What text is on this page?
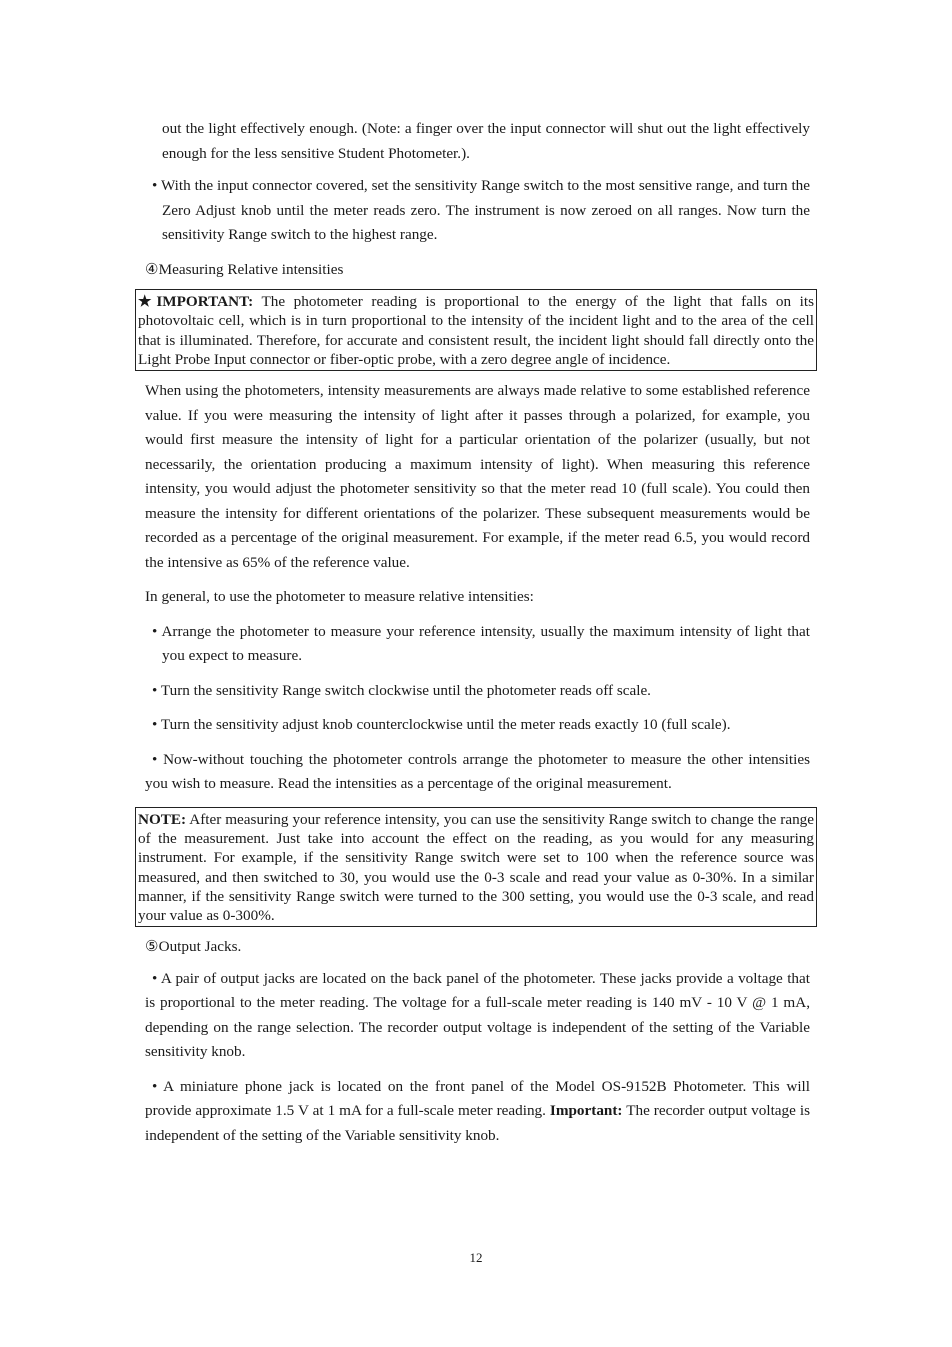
out the light effectively enough. (Note: a finger over the input connector will shut out the light effectively enough for the less sensitive Student Photometer.).

• With the input connector covered, set the sensitivity Range switch to the most sensitive range, and turn the Zero Adjust knob until the meter reads zero. The instrument is now zeroed on all ranges. Now turn the sensitivity Range switch to the highest range.

④Measuring Relative intensities

★IMPORTANT: The photometer reading is proportional to the energy of the light that falls on its photovoltaic cell, which is in turn proportional to the intensity of the incident light and to the area of the cell that is illuminated. Therefore, for accurate and consistent result, the incident light should fall directly onto the Light Probe Input connector or fiber-optic probe, with a zero degree angle of incidence.

When using the photometers, intensity measurements are always made relative to some established reference value. If you were measuring the intensity of light after it passes through a polarized, for example, you would first measure the intensity of light for a particular orientation of the polarizer (usually, but not necessarily, the orientation producing a maximum intensity of light). When measuring this reference intensity, you would adjust the photometer sensitivity so that the meter read 10 (full scale). You could then measure the intensity for different orientations of the polarizer. These subsequent measurements would be recorded as a percentage of the original measurement. For example, if the meter read 6.5, you would record the intensive as 65% of the reference value.

In general, to use the photometer to measure relative intensities:

• Arrange the photometer to measure your reference intensity, usually the maximum intensity of light that you expect to measure.

• Turn the sensitivity Range switch clockwise until the photometer reads off scale.

• Turn the sensitivity adjust knob counterclockwise until the meter reads exactly 10 (full scale).

• Now-without touching the photometer controls arrange the photometer to measure the other intensities you wish to measure. Read the intensities as a percentage of the original measurement.

NOTE: After measuring your reference intensity, you can use the sensitivity Range switch to change the range of the measurement. Just take into account the effect on the reading, as you would for any measuring instrument. For example, if the sensitivity Range switch were set to 100 when the reference source was measured, and then switched to 30, you would use the 0-3 scale and read your value as 0-30%. In a similar manner, if the sensitivity Range switch were turned to the 300 setting, you would use the 0-3 scale, and read your value as 0-300%.

⑤Output Jacks.

• A pair of output jacks are located on the back panel of the photometer. These jacks provide a voltage that is proportional to the meter reading. The voltage for a full-scale meter reading is 140 mV - 10 V @ 1 mA, depending on the range selection. The recorder output voltage is independent of the setting of the Variable sensitivity knob.

• A miniature phone jack is located on the front panel of the Model OS-9152B Photometer. This will provide approximate 1.5 V at 1 mA for a full-scale meter reading. Important: The recorder output voltage is independent of the setting of the Variable sensitivity knob.

12
